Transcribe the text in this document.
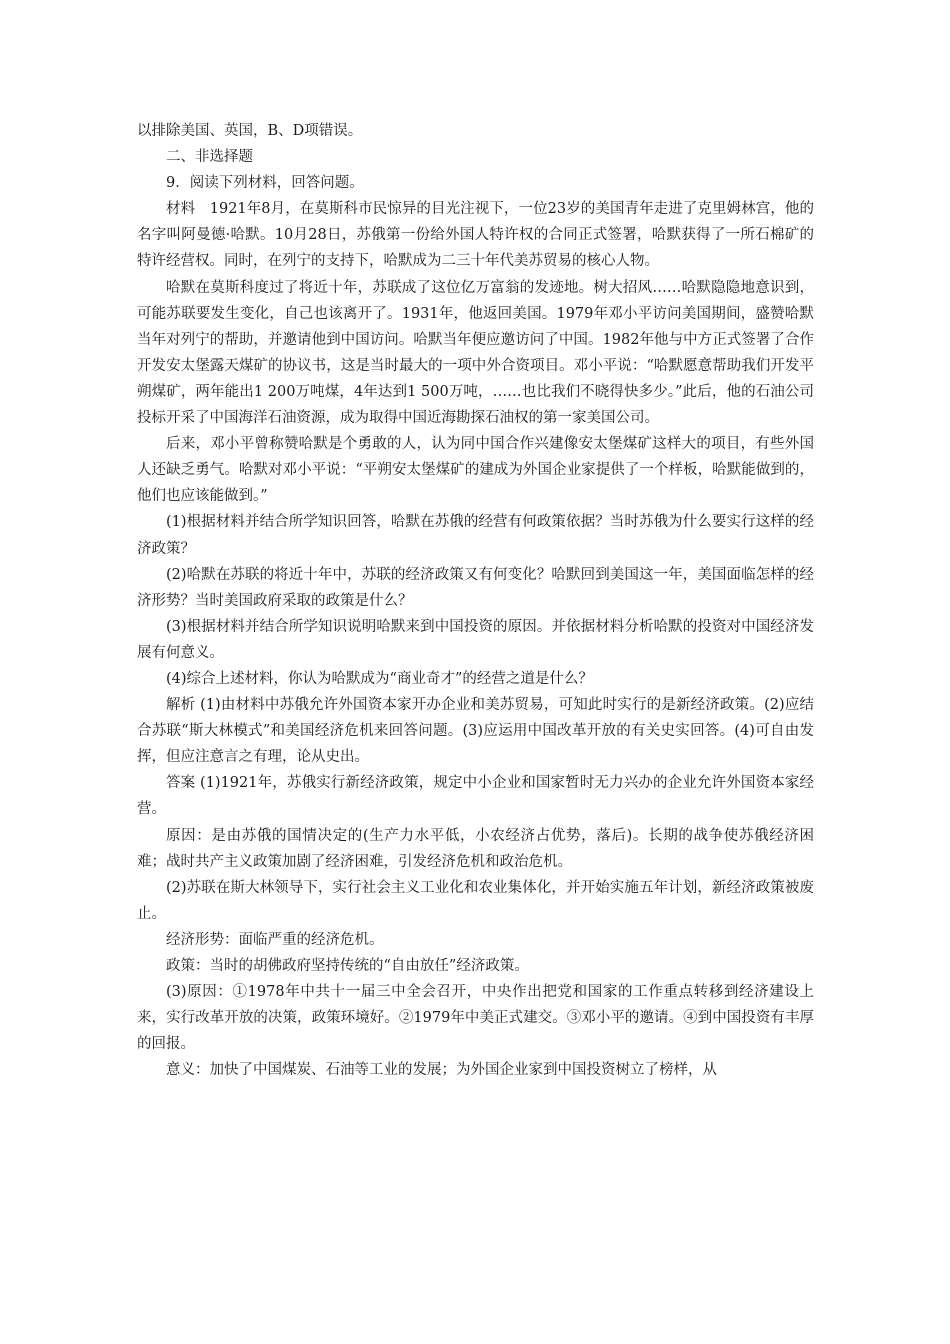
以排除美国、英国，B、D项错误。

二、非选择题

9．阅读下列材料，回答问题。

材料　1921年8月，在莫斯科市民惊异的目光注视下，一位23岁的美国青年走进了克里姆林宫，他的名字叫阿曼德·哈默。10月28日，苏俄第一份给外国人特许权的合同正式签署，哈默获得了一所石棉矿的特许经营权。同时，在列宁的支持下，哈默成为二三十年代美苏贸易的核心人物。

哈默在莫斯科度过了将近十年，苏联成了这位亿万富翁的发迹地。树大招风……哈默隐隐地意识到，可能苏联要发生变化，自己也该离开了。1931年，他返回美国。1979年邓小平访问美国期间，盛赞哈默当年对列宁的帮助，并邀请他到中国访问。哈默当年便应邀访问了中国。1982年他与中方正式签署了合作开发安太堡露天煤矿的协议书，这是当时最大的一项中外合资项目。邓小平说：“哈默愿意帮助我们开发平朔煤矿，两年能出1 200万吨煤，4年达到1 500万吨，……也比我们不晓得快多少。”此后，他的石油公司投标开采了中国海洋石油资源，成为取得中国近海勘探石油权的第一家美国公司。

后来，邓小平曾称赞哈默是个勇敢的人，认为同中国合作兴建像安太堡煤矿这样大的项目，有些外国人还缺乏勇气。哈默对邓小平说：“平朔安太堡煤矿的建成为外国企业家提供了一个样板，哈默能做到的，他们也应该能做到。”

(1)根据材料并结合所学知识回答，哈默在苏俄的经营有何政策依据？当时苏俄为什么要实行这样的经济政策？

(2)哈默在苏联的将近十年中，苏联的经济政策又有何变化？哈默回到美国这一年，美国面临怎样的经济形势？当时美国政府采取的政策是什么？

(3)根据材料并结合所学知识说明哈默来到中国投资的原因。并依据材料分析哈默的投资对中国经济发展有何意义。

(4)综合上述材料，你认为哈默成为“商业奇才”的经营之道是什么？

解析 (1)由材料中苏俄允许外国资本家开办企业和美苏贸易，可知此时实行的是新经济政策。(2)应结合苏联“斯大林模式”和美国经济危机来回答问题。(3)应运用中国改革开放的有关史实回答。(4)可自由发挥，但应注意言之有理，论从史出。

答案 (1)1921年，苏俄实行新经济政策，规定中小企业和国家暂时无力兴办的企业允许外国资本家经营。

原因：是由苏俄的国情决定的(生产力水平低，小农经济占优势，落后)。长期的战争使苏俄经济困难；战时共产主义政策加剧了经济困难，引发经济危机和政治危机。

(2)苏联在斯大林领导下，实行社会主义工业化和农业集体化，并开始实施五年计划，新经济政策被废止。

经济形势：面临严重的经济危机。

政策：当时的胡佛政府坚持传统的“自由放任”经济政策。

(3)原因：①1978年中共十一届三中全会召开，中央作出把党和国家的工作重点转移到经济建设上来，实行改革开放的决策，政策环境好。②1979年中美正式建交。③邓小平的邀请。④到中国投资有丰厚的回报。

意义：加快了中国煤炭、石油等工业的发展；为外国企业家到中国投资树立了榜样，从
